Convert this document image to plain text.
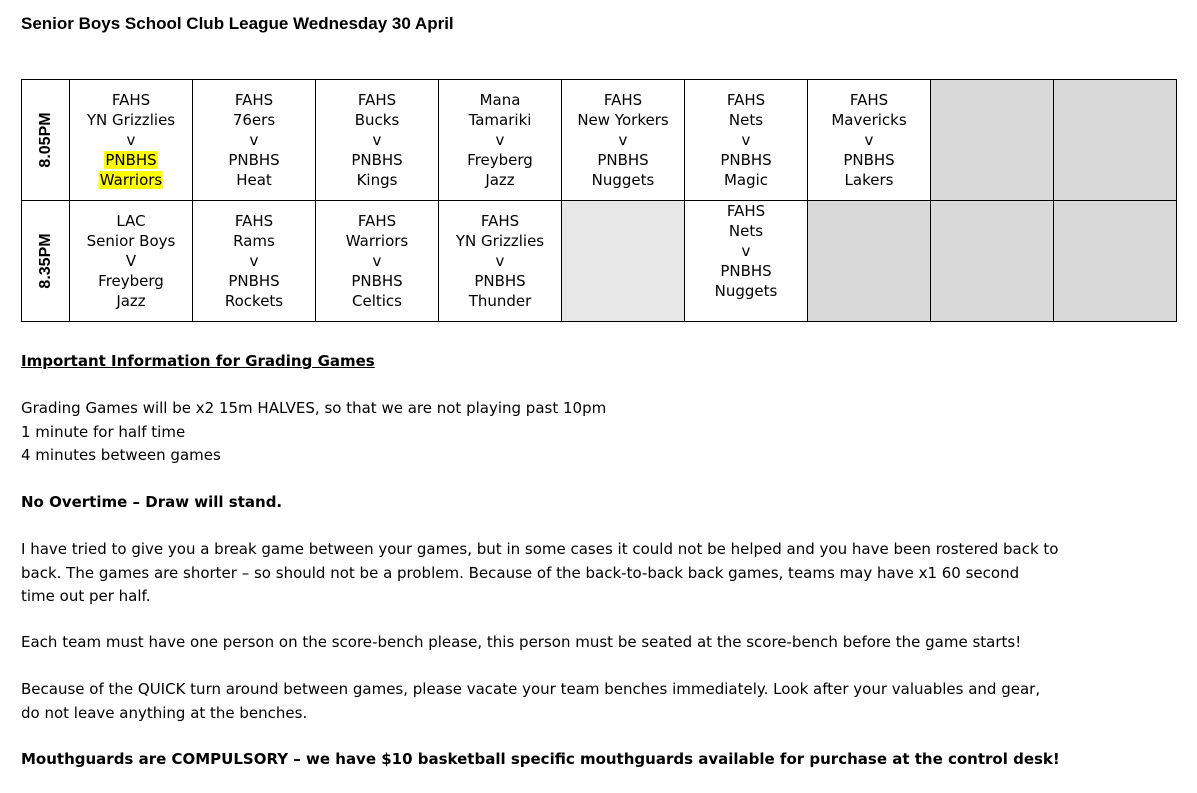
Senior Boys School Club League Wednesday 30 April
8.05PM	FAHS
YN Grizzlies
v
PNBHS
Warriors	FAHS
76ers
v
PNBHS
Heat	FAHS
Bucks
v
PNBHS
Kings	Mana
Tamariki
v
Freyberg
Jazz	FAHS
New Yorkers
v
PNBHS
Nuggets	FAHS
Nets
v
PNBHS
Magic	FAHS
Mavericks
v
PNBHS
Lakers		

8.35PM	LAC
Senior Boys
V
Freyberg
Jazz	FAHS
Rams
v
PNBHS
Rockets	FAHS
Warriors
v
PNBHS
Celtics	FAHS
YN Grizzlies
v
PNBHS
Thunder		FAHS
Nets
v
PNBHS
Nuggets			

Important Information for Grading Games

Grading Games will be x2 15m HALVES, so that we are not playing past 10pm

1 minute for half time

4 minutes between games

No Overtime – Draw will stand.

I have tried to give you a break game between your games, but in some cases it could not be helped and you have been rostered back to

back. The games are shorter – so should not be a problem. Because of the back-to-back back games, teams may have x1 60 second

time out per half.

Each team must have one person on the score-bench please, this person must be seated at the score-bench before the game starts!

Because of the QUICK turn around between games, please vacate your team benches immediately. Look after your valuables and gear,

do not leave anything at the benches.

Mouthguards are COMPULSORY – we have $10 basketball specific mouthguards available for purchase at the control desk!
